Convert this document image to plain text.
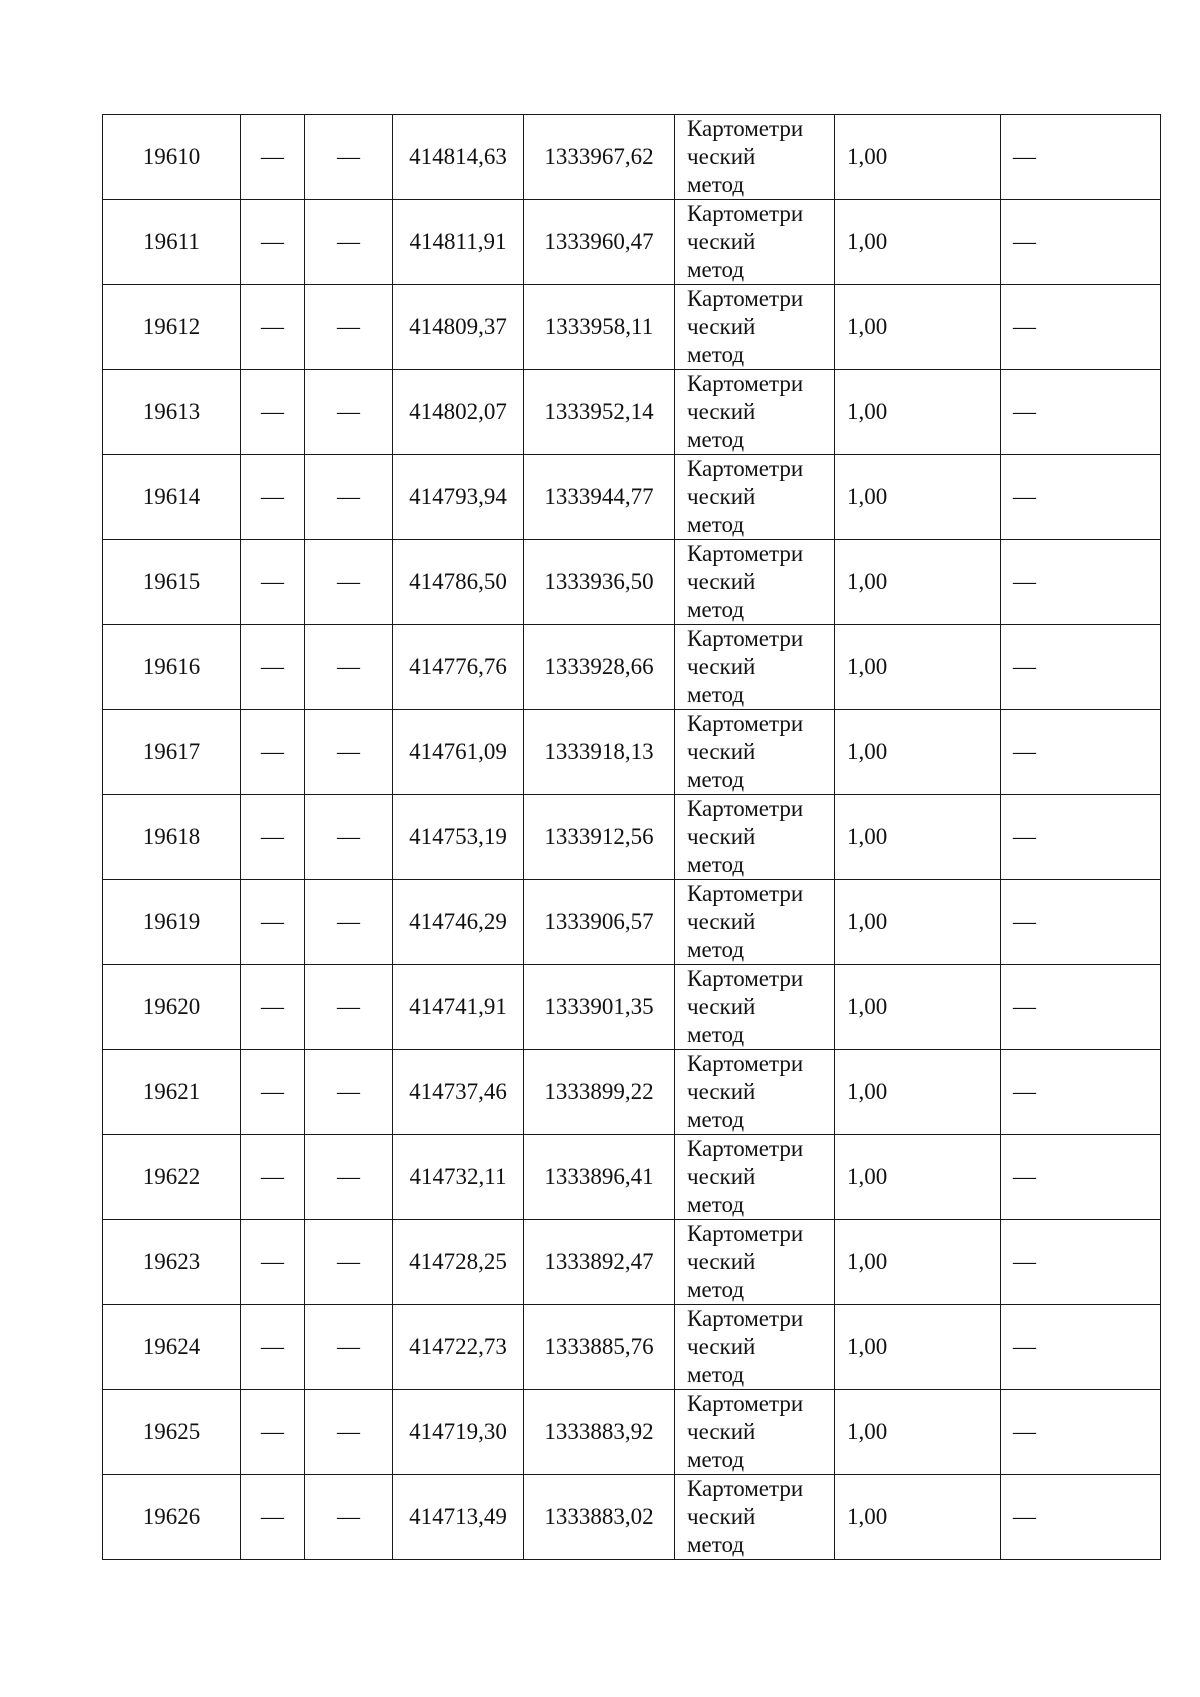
19610	—	—	414814,63	1333967,62	Картометри
ческий
метод	1,00	—
19611	—	—	414811,91	1333960,47	Картометри
ческий
метод	1,00	—
19612	—	—	414809,37	1333958,11	Картометри
ческий
метод	1,00	—
19613	—	—	414802,07	1333952,14	Картометри
ческий
метод	1,00	—
19614	—	—	414793,94	1333944,77	Картометри
ческий
метод	1,00	—
19615	—	—	414786,50	1333936,50	Картометри
ческий
метод	1,00	—
19616	—	—	414776,76	1333928,66	Картометри
ческий
метод	1,00	—
19617	—	—	414761,09	1333918,13	Картометри
ческий
метод	1,00	—
19618	—	—	414753,19	1333912,56	Картометри
ческий
метод	1,00	—
19619	—	—	414746,29	1333906,57	Картометри
ческий
метод	1,00	—
19620	—	—	414741,91	1333901,35	Картометри
ческий
метод	1,00	—
19621	—	—	414737,46	1333899,22	Картометри
ческий
метод	1,00	—
19622	—	—	414732,11	1333896,41	Картометри
ческий
метод	1,00	—
19623	—	—	414728,25	1333892,47	Картометри
ческий
метод	1,00	—
19624	—	—	414722,73	1333885,76	Картометри
ческий
метод	1,00	—
19625	—	—	414719,30	1333883,92	Картометри
ческий
метод	1,00	—
19626	—	—	414713,49	1333883,02	Картометри
ческий
метод	1,00	—
